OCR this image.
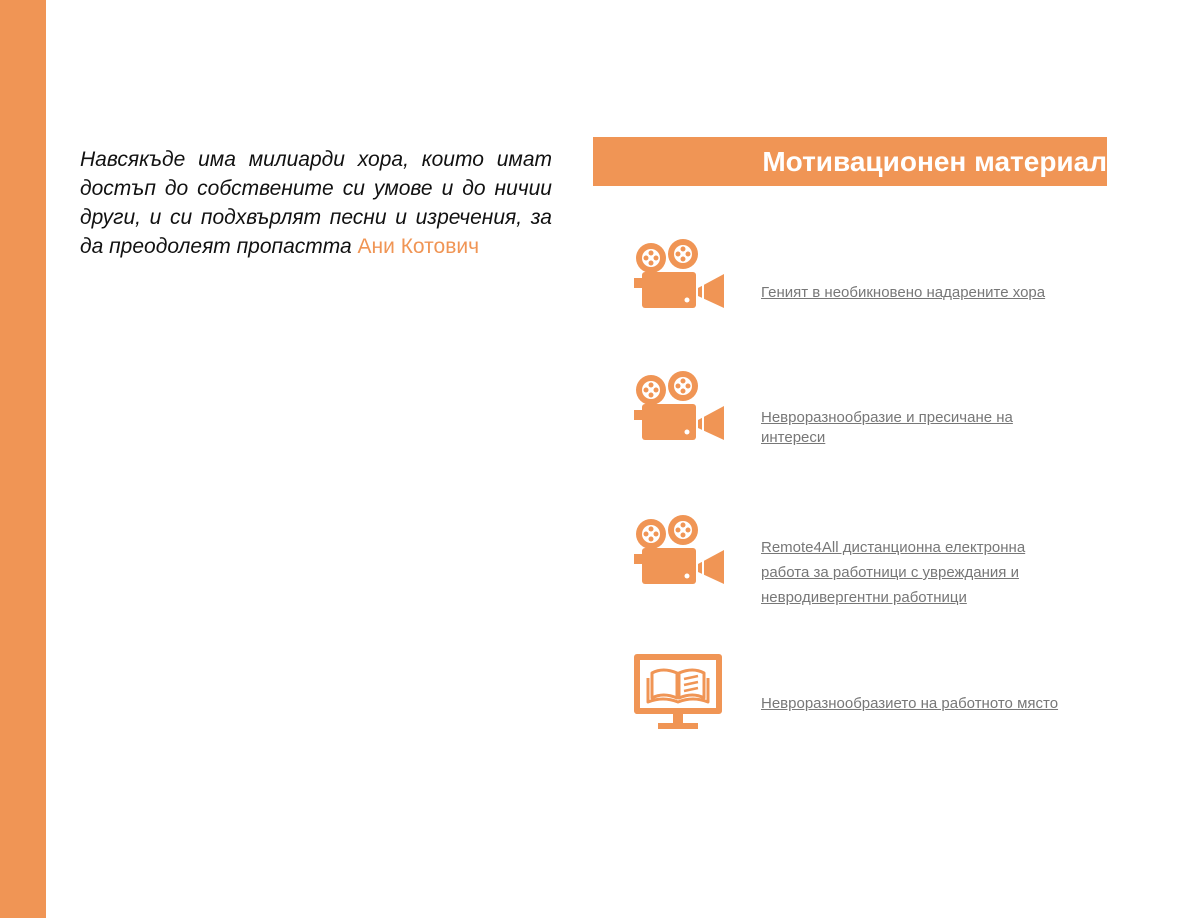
Навсякъде има милиарди хора, които имат достъп до собствените си умове и до ничии други, и си подхвърлят песни и изречения, за да преодолеят пропастта Ани Котович

Мотивационен материал
Геният в необикновено надарените хора
Невроразнообразие и пресичане на интереси
Remote4All дистанционна електронна работа за работници с увреждания и невродивергентни работници
Невроразнообразието на работното място
